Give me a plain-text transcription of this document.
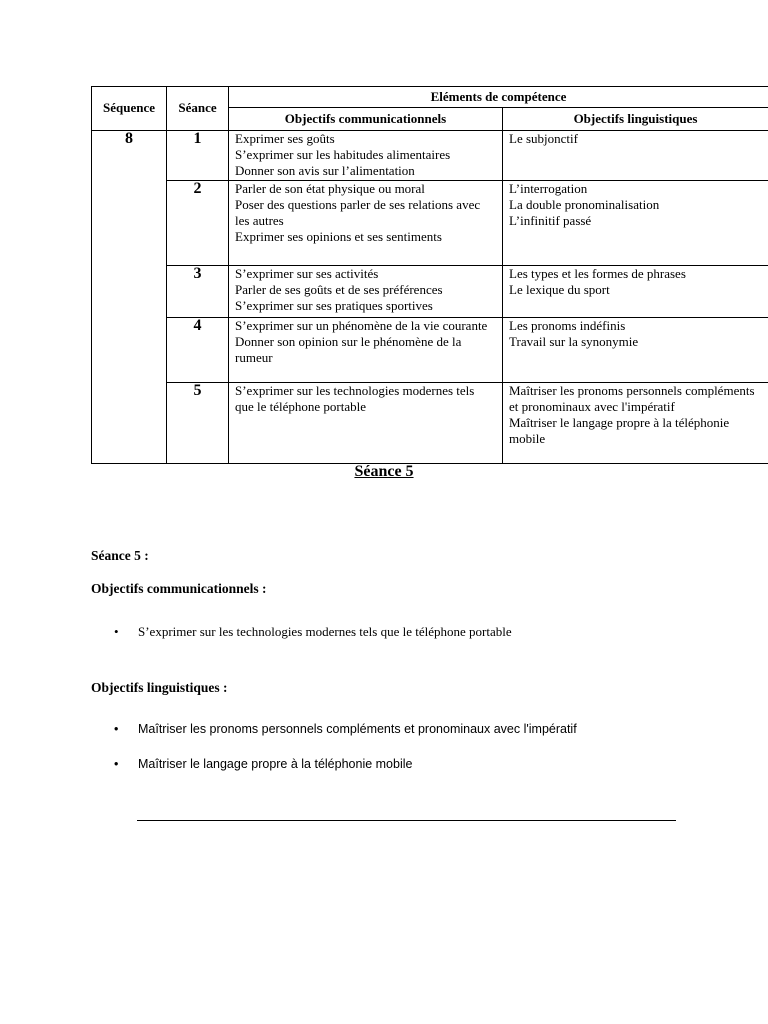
Séquence	Séance	Eléments de compétence	
		Objectifs communicationnels	Objectifs linguistiques
8	1	Exprimer ses goûts
S’exprimer sur les habitudes alimentaires
Donner son avis sur l’alimentation	Le subjonctif

	2	Parler de son état physique ou moral
Poser des questions parler de ses relations avec les autres
Exprimer ses opinions et ses sentiments	L’interrogation
La double pronominalisation
L’infinitif passé

	3	S’exprimer sur ses activités
Parler de ses goûts et de ses préférences
S’exprimer sur ses pratiques sportives	Les types et les formes de phrases
Le lexique du sport

	4	S’exprimer sur un phénomène de la vie courante
Donner son opinion sur le phénomène de la rumeur	Les pronoms indéfinis
Travail sur la synonymie

	5	S’exprimer sur les technologies modernes tels que le téléphone portable	Maîtriser les pronoms personnels compléments et pronominaux avec l'impératif
Maîtriser le langage propre à la téléphonie mobile
Séance 5
Séance 5 :
Objectifs communicationnels :
• S’exprimer sur les technologies modernes tels que le téléphone portable
Objectifs linguistiques :
• Maîtriser les pronoms personnels compléments et pronominaux avec l'impératif
• Maîtriser le langage propre à la téléphonie mobile
